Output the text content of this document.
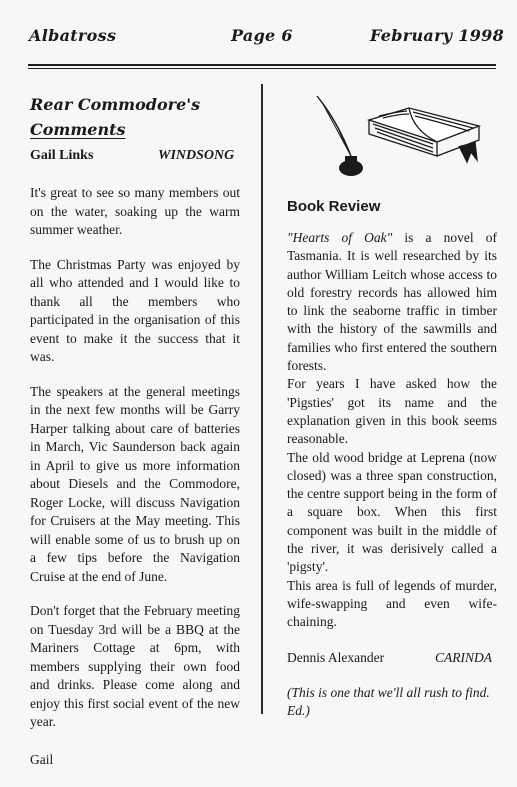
Albatross	Page 6	February 1998

Rear Commodore's

Comments

Gail Links	WINDSONG

It's great to see so many members out on the water, soaking up the warm summer weather.

The Christmas Party was enjoyed by all who attended and I would like to thank all the members who participated in the organisation of this event to make it the success that it was.

The speakers at the general meetings in the next few months will be Garry Harper talking about care of batteries in March, Vic Saunderson back again in April to give us more information about Diesels and the Commodore, Roger Locke, will discuss Navigation for Cruisers at the May meeting. This will enable some of us to brush up on a few tips before the Navigation Cruise at the end of June.

Don't forget that the February meeting on Tuesday 3rd will be a BBQ at the Mariners Cottage at 6pm, with members supplying their own food and drinks. Please come along and enjoy this first social event of the new year.

Gail

Book Review

"Hearts of Oak" is a novel of Tasmania. It is well researched by its author William Leitch whose access to old forestry records has allowed him to link the seaborne traffic in timber with the history of the sawmills and families who first entered the southern forests.

For years I have asked how the 'Pigsties' got its name and the explanation given in this book seems reasonable.

The old wood bridge at Leprena (now closed) was a three span construction, the centre support being in the form of a square box. When this first component was built in the middle of the river, it was derisively called a 'pigsty'.

This area is full of legends of murder, wife-swapping and even wife-chaining.

Dennis Alexander	CARINDA
(This is one that we'll all rush to find. Ed.)
